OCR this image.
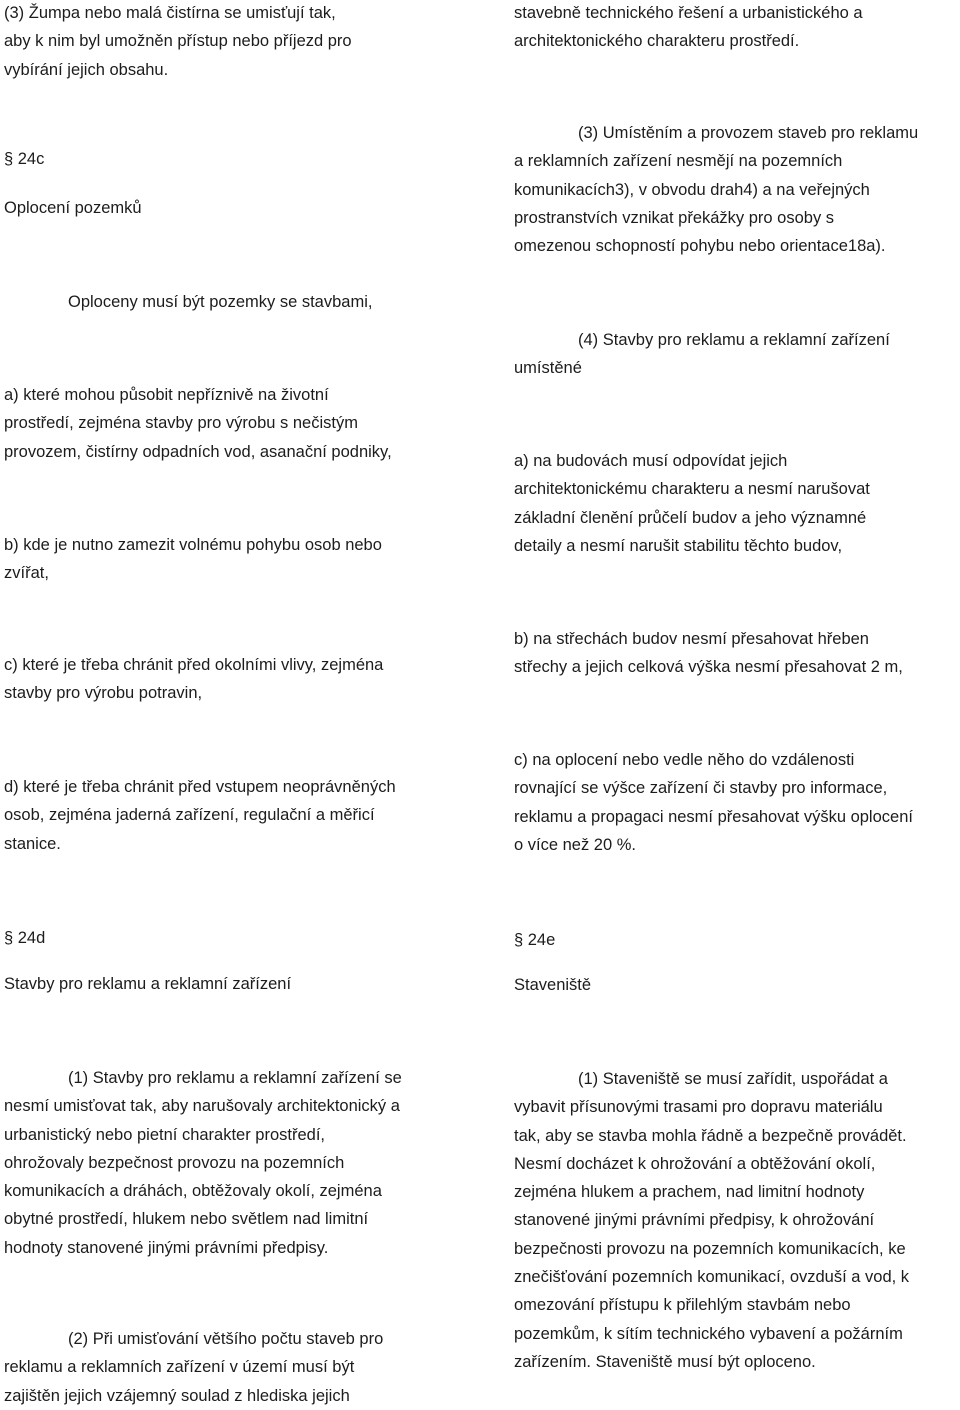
(3) Žumpa nebo malá čistírna se umisťují tak,
aby k nim byl umožněn přístup nebo příjezd pro
vybírání jejich obsahu.
§ 24c
Oplocení pozemků
Oploceny musí být pozemky se stavbami,
a) které mohou působit nepříznivě na životní
prostředí, zejména stavby pro výrobu s nečistým
provozem, čistírny odpadních vod, asanační podniky,
b) kde je nutno zamezit volnému pohybu osob nebo
zvířat,
c) které je třeba chránit před okolními vlivy, zejména
stavby pro výrobu potravin,
d) které je třeba chránit před vstupem neoprávněných
osob, zejména jaderná zařízení, regulační a měřicí
stanice.
§ 24d
Stavby pro reklamu a reklamní zařízení
(1) Stavby pro reklamu a reklamní zařízení se
nesmí umisťovat tak, aby narušovaly architektonický a
urbanistický nebo pietní charakter prostředí,
ohrožovaly bezpečnost provozu na pozemních
komunikacích a dráhách, obtěžovaly okolí, zejména
obytné prostředí, hlukem nebo světlem nad limitní
hodnoty stanovené jinými právními předpisy.
(2) Při umisťování většího počtu staveb pro
reklamu a reklamních zařízení v území musí být
zajištěn jejich vzájemný soulad z hlediska jejich
stavebně technického řešení a urbanistického a
architektonického charakteru prostředí.
(3) Umístěním a provozem staveb pro reklamu
a reklamních zařízení nesmějí na pozemních
komunikacích3), v obvodu drah4) a na veřejných
prostranstvích vznikat překážky pro osoby s
omezenou schopností pohybu nebo orientace18a).
(4) Stavby pro reklamu a reklamní zařízení
umístěné
a) na budovách musí odpovídat jejich
architektonickému charakteru a nesmí narušovat
základní členění průčelí budov a jeho významné
detaily a nesmí narušit stabilitu těchto budov,
b) na střechách budov nesmí přesahovat hřeben
střechy a jejich celková výška nesmí přesahovat 2 m,
c) na oplocení nebo vedle něho do vzdálenosti
rovnající se výšce zařízení či stavby pro informace,
reklamu a propagaci nesmí přesahovat výšku oplocení
o více než 20 %.
§ 24e
Staveniště
(1) Staveniště se musí zařídit, uspořádat a
vybavit přísunovými trasami pro dopravu materiálu
tak, aby se stavba mohla řádně a bezpečně provádět.
Nesmí docházet k ohrožování a obtěžování okolí,
zejména hlukem a prachem, nad limitní hodnoty
stanovené jinými právními předpisy, k ohrožování
bezpečnosti provozu na pozemních komunikacích, ke
znečišťování pozemních komunikací, ovzduší a vod, k
omezování přístupu k přilehlým stavbám nebo
pozemkům, k sítím technického vybavení a požárním
zařízením. Staveniště musí být oploceno.
